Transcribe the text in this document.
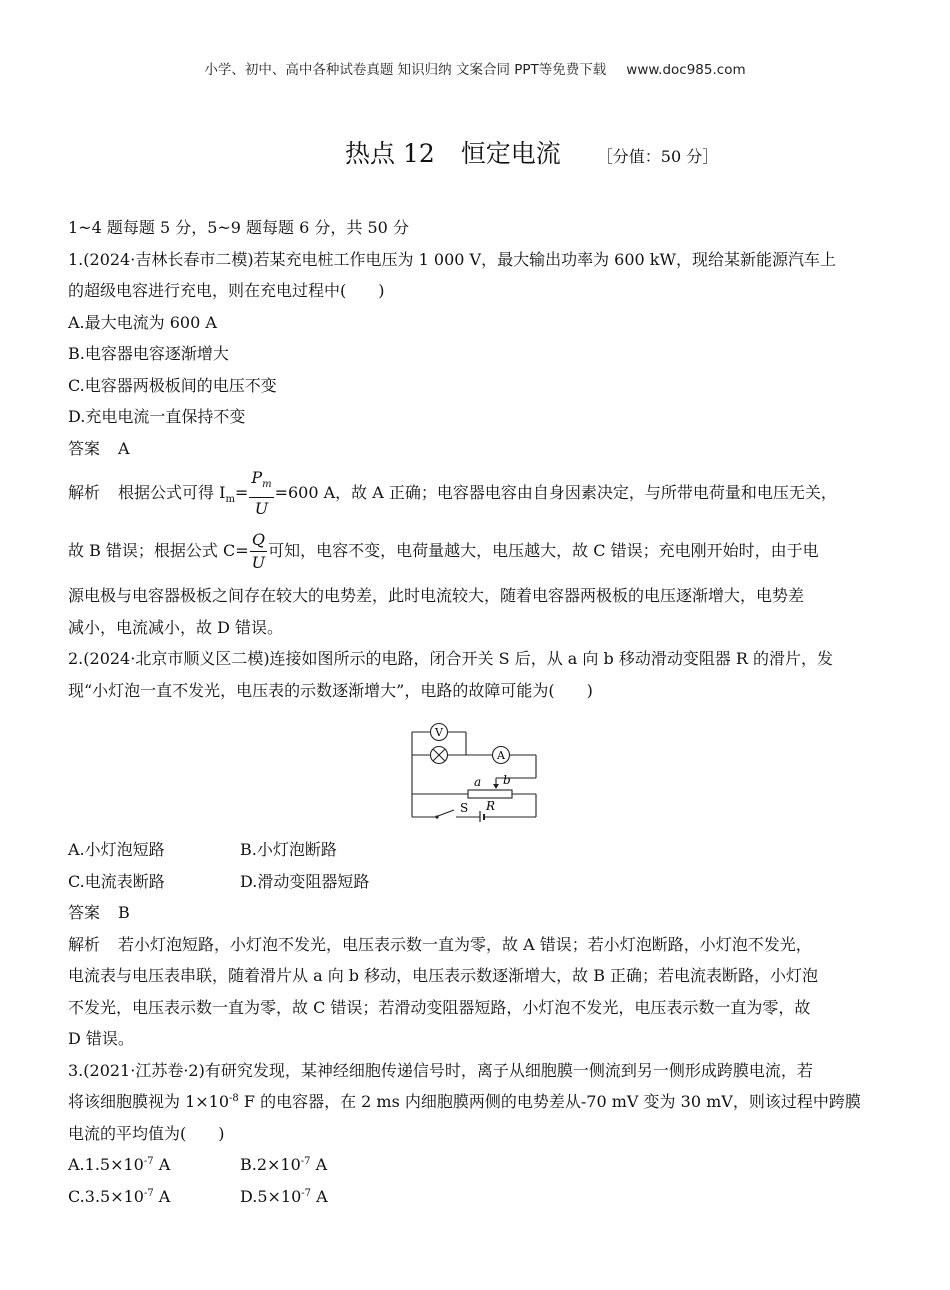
小学、初中、高中各种试卷真题 知识归纳 文案合同 PPT等免费下载 www.doc985.com
热点 12 恒定电流 ［分值：50 分］
1~4 题每题 5 分，5~9 题每题 6 分，共 50 分
1.(2024·吉林长春市二模)若某充电桩工作电压为 1 000 V，最大输出功率为 600 kW，现给某新能源汽车上
的超级电容进行充电，则在充电过程中(　　)
A.最大电流为 600 A
B.电容器电容逐渐增大
C.电容器两极板间的电压不变
D.充电电流一直保持不变
答案 A
解析 根据公式可得 $I_m= \frac{P_m}{U} =600$ A，故 A 正确；电容器电容由自身因素决定，与所带电荷量和电压无关，
故 B 错误；根据公式 $C= \frac{Q}{U}$ 可知，电容不变，电荷量越大，电压越大，故 C 错误；充电刚开始时，由于电
源电极与电容器极板之间存在较大的电势差，此时电流较大，随着电容器两极板的电压逐渐增大，电势差
减小，电流减小，故 D 错误。
2.(2024·北京市顺义区二模)连接如图所示的电路，闭合开关 S 后，从 a 向 b 移动滑动变阻器 R 的滑片，发
现“小灯泡一直不发光，电压表的示数逐渐增大”，电路的故障可能为(　　)
V
A
a b
R
S
A.小灯泡短路	B.小灯泡断路
C.电流表断路	D.滑动变阻器短路
答案 B
解析 若小灯泡短路，小灯泡不发光，电压表示数一直为零，故 A 错误；若小灯泡断路，小灯泡不发光，
电流表与电压表串联，随着滑片从 a 向 b 移动，电压表示数逐渐增大，故 B 正确；若电流表断路，小灯泡
不发光，电压表示数一直为零，故 C 错误；若滑动变阻器短路，小灯泡不发光，电压表示数一直为零，故
D 错误。
3.(2021·江苏卷·2)有研究发现，某神经细胞传递信号时，离子从细胞膜一侧流到另一侧形成跨膜电流，若
将该细胞膜视为 $1\times 10^{-8}$ F 的电容器，在 2 ms 内细胞膜两侧的电势差从-70 mV 变为 30 mV，则该过程中跨膜
电流的平均值为(　　)
$A.1.5\times 10^{-7}$ A	$B.2\times 10^{-7}$ A
$C.3.5\times 10^{-7}$ A	$D.5\times 10^{-7}$ A
